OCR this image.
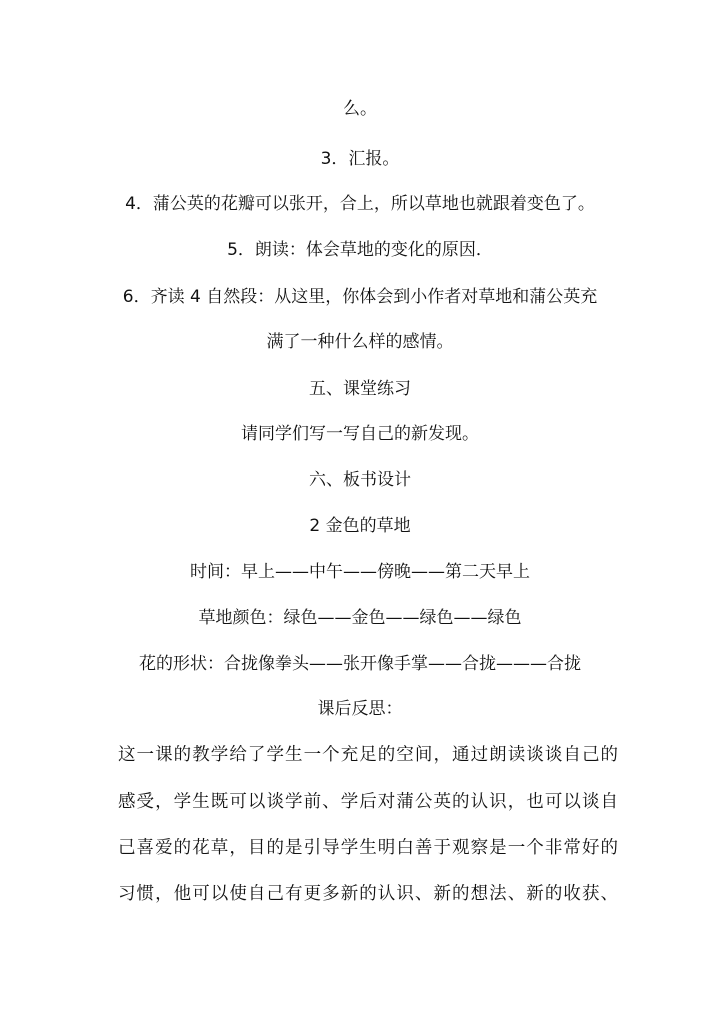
么。
3．汇报。
4．蒲公英的花瓣可以张开，合上，所以草地也就跟着变色了。
5．朗读：体会草地的变化的原因．
6．齐读 4 自然段：从这里，你体会到小作者对草地和蒲公英充
满了一种什么样的感情。
五、课堂练习
请同学们写一写自己的新发现。
六、板书设计
2 金色的草地
时间：早上——中午——傍晚——第二天早上
草地颜色：绿色——金色——绿色——绿色
花的形状：合拢像拳头——张开像手掌——合拢———合拢
课后反思：
这一课的教学给了学生一个充足的空间，通过朗读谈谈自己的
感受，学生既可以谈学前、学后对蒲公英的认识，也可以谈自
己喜爱的花草，目的是引导学生明白善于观察是一个非常好的
习惯，他可以使自己有更多新的认识、新的想法、新的收获、
